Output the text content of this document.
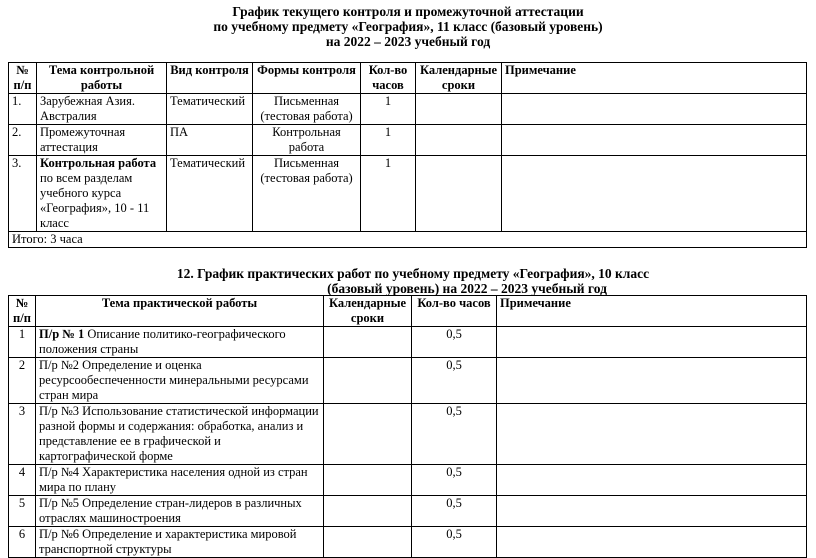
График текущего контроля и промежуточной аттестации
по учебному предмету «География», 11 класс (базовый уровень)
на 2022 – 2023 учебный год
№ п/п	Тема контрольной работы	Вид контроля	Формы контроля	Кол-во часов	Календарные сроки	Примечание
1.	Зарубежная Азия. Австралия	Тематический	Письменная (тестовая работа)	1		
2.	Промежуточная аттестация	ПА	Контрольная работа	1		
3.	Контрольная работа по всем разделам учебного курса «География», 10 - 11 класс	Тематический	Письменная (тестовая работа)	1		
Итого: 3 часа						
12. График практических работ по учебному предмету «География», 10 класс
(базовый уровень) на 2022 – 2023 учебный год
№ п/п	Тема практической работы	Календарные сроки	Кол-во часов	Примечание
1	П/р № 1 Описание политико-географического положения страны		0,5	
2	П/р №2 Определение и оценка ресурсообеспеченности минеральными ресурсами стран мира		0,5	
3	П/р №3 Использование статистической информации разной формы и содержания: обработка, анализ и представление ее в графической и картографической форме		0,5	
4	П/р №4 Характеристика населения одной из стран мира по плану		0,5	
5	П/р №5 Определение стран-лидеров в различных отраслях машиностроения		0,5	
6	П/р №6 Определение и характеристика мировой транспортной структуры		0,5	
